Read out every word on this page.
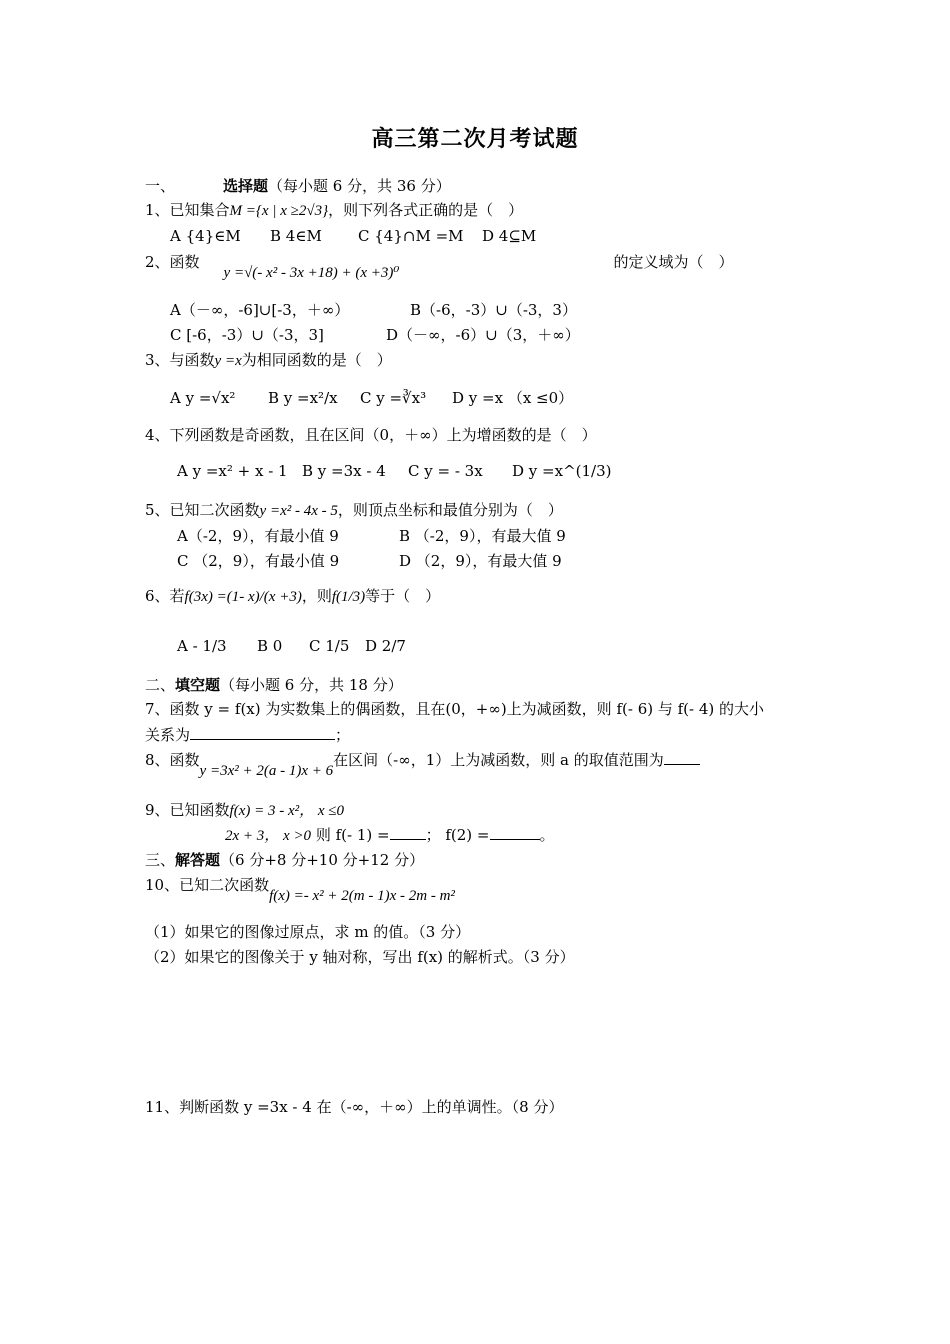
高三第二次月考试题
一、	选择题（每小题 6 分，共 36 分）
1、已知集合M ={x | x ≥2√3}，则下列各式正确的是（　）
A {4}∈M B 4∈M C {4}∩M =M D 4⊆M
2、函数y =√(- x² - 3x +18) + (x +3)⁰的定义域为（　）
A（－∞，-6]∪[-3，＋∞）	B（-6，-3）∪（-3，3）
C [-6，-3）∪（-3，3]	D（－∞，-6）∪（3，＋∞）
3、与函数y =x为相同函数的是（　）
A y =√x² B y =x²/x C y =∛x³ D y =x （x ≤0）
4、下列函数是奇函数，且在区间（0，＋∞）上为增函数的是（　）
A y =x² + x - 1 B y =3x - 4 C y = - 3x D y =x^(1/3)
5、已知二次函数y =x² - 4x - 5，则顶点坐标和最值分别为（　）
A（-2，9），有最小值 9	B （-2，9），有最大值 9
C （2，9），有最小值 9	D （2，9），有最大值 9
6、若f(3x) =(1- x)/(x +3)，则f(1/3)等于（　）
A - 1/3 B 0 C 1/5 D 2/7
二、填空题（每小题 6 分，共 18 分）
7、函数 y = f(x) 为实数集上的偶函数，且在(0，+∞)上为减函数，则 f(- 6) 与 f(- 4) 的大小
关系为	；
8、函数y =3x² + 2(a - 1)x + 6在区间（-∞，1）上为减函数，则 a 的取值范围为
9、已知函数f(x) = 3 - x²， x ≤0
2x + 3， x >0 则 f(- 1) = ； f(2) =	。
三、解答题（6 分+8 分+10 分+12 分）
10、已知二次函数f(x) =- x² + 2(m - 1)x - 2m - m²
（1）如果它的图像过原点，求 m 的值。（3 分）
（2）如果它的图像关于 y 轴对称，写出 f(x) 的解析式。（3 分）
11、判断函数 y =3x - 4 在（-∞，＋∞）上的单调性。（8 分）
